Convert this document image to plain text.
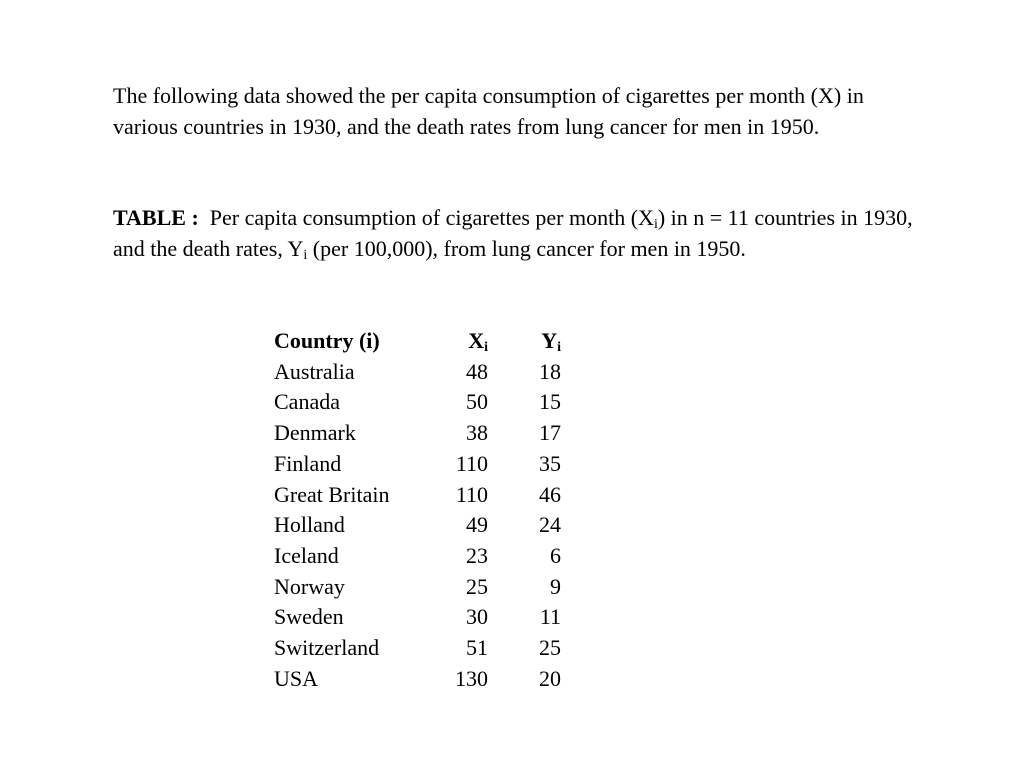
The following data showed the per capita consumption of cigarettes per month (X) in various countries in 1930, and the death rates from lung cancer for men in 1950.

TABLE : Per capita consumption of cigarettes per month $(X_i)$ in n = 11 countries in 1930, and the death rates, $Y_i$ (per 100,000), from lung cancer for men in 1950.

Country (i)	$X_i$	$Y_i$
Australia	48	18
Canada	50	15
Denmark	38	17
Finland	110	35
Great Britain	110	46
Holland	49	24
Iceland	23	6
Norway	25	9
Sweden	30	11
Switzerland	51	25
USA	130	20
